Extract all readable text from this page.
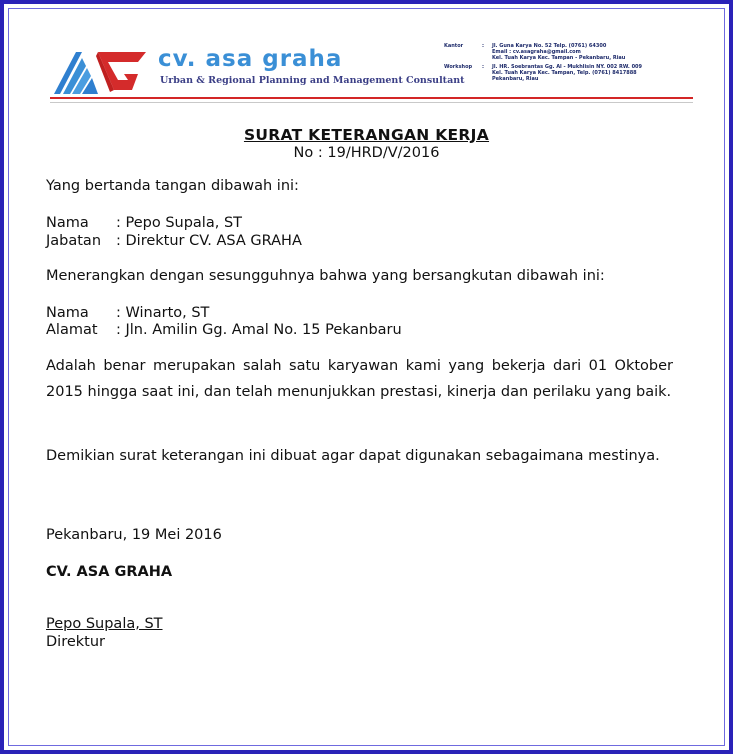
cv. asa graha
Urban & Regional Planning and Management Consultant
Kantor	:	Jl. Guna Karya No. 52 Telp. (0761) 64300
Email : cv.asagraha@gmail.com
Kel. Tuah Karya Kec. Tampan - Pekanbaru, Riau
Workshop	:	Jl. HR. Soebrantas Gg. Al - Mukhlisin NY. 002 RW. 009
Kel. Tuah Karya Kec. Tampan, Telp. (0761) 8417888
Pekanbaru, Riau
SURAT KETERANGAN KERJA
No : 19/HRD/V/2016
Yang bertanda tangan dibawah ini:
Nama : Pepo Supala, ST
Jabatan : Direktur CV. ASA GRAHA
Menerangkan dengan sesungguhnya bahwa yang bersangkutan dibawah ini:
Nama : Winarto, ST
Alamat : Jln. Amilin Gg. Amal No. 15 Pekanbaru
Adalah benar merupakan salah satu karyawan kami yang bekerja dari 01 Oktober 2015 hingga saat ini, dan telah menunjukkan prestasi, kinerja dan perilaku yang baik.
Demikian surat keterangan ini dibuat agar dapat digunakan sebagaimana mestinya.
Pekanbaru, 19 Mei 2016
CV. ASA GRAHA
Pepo Supala, ST
Direktur
